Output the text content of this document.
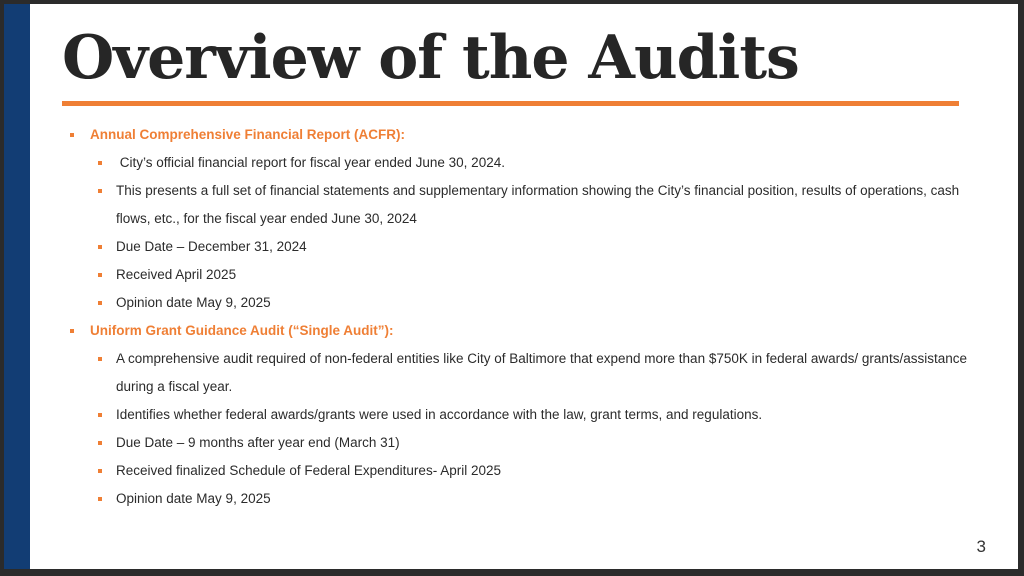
Overview of the Audits
Annual Comprehensive Financial Report (ACFR):
City’s official financial report for fiscal year ended June 30, 2024.
This presents a full set of financial statements and supplementary information showing the City’s financial position, results of operations, cash flows, etc., for the fiscal year ended June 30, 2024
Due Date – December 31, 2024
Received April 2025
Opinion date May 9, 2025
Uniform Grant Guidance Audit (“Single Audit”):
A comprehensive audit required of non-federal entities like City of Baltimore that expend more than $750K in federal awards/ grants/assistance during a fiscal year.
Identifies whether federal awards/grants were used in accordance with the law, grant terms, and regulations.
Due Date – 9 months after year end (March 31)
Received finalized Schedule of Federal Expenditures- April 2025
Opinion date May 9, 2025
3
